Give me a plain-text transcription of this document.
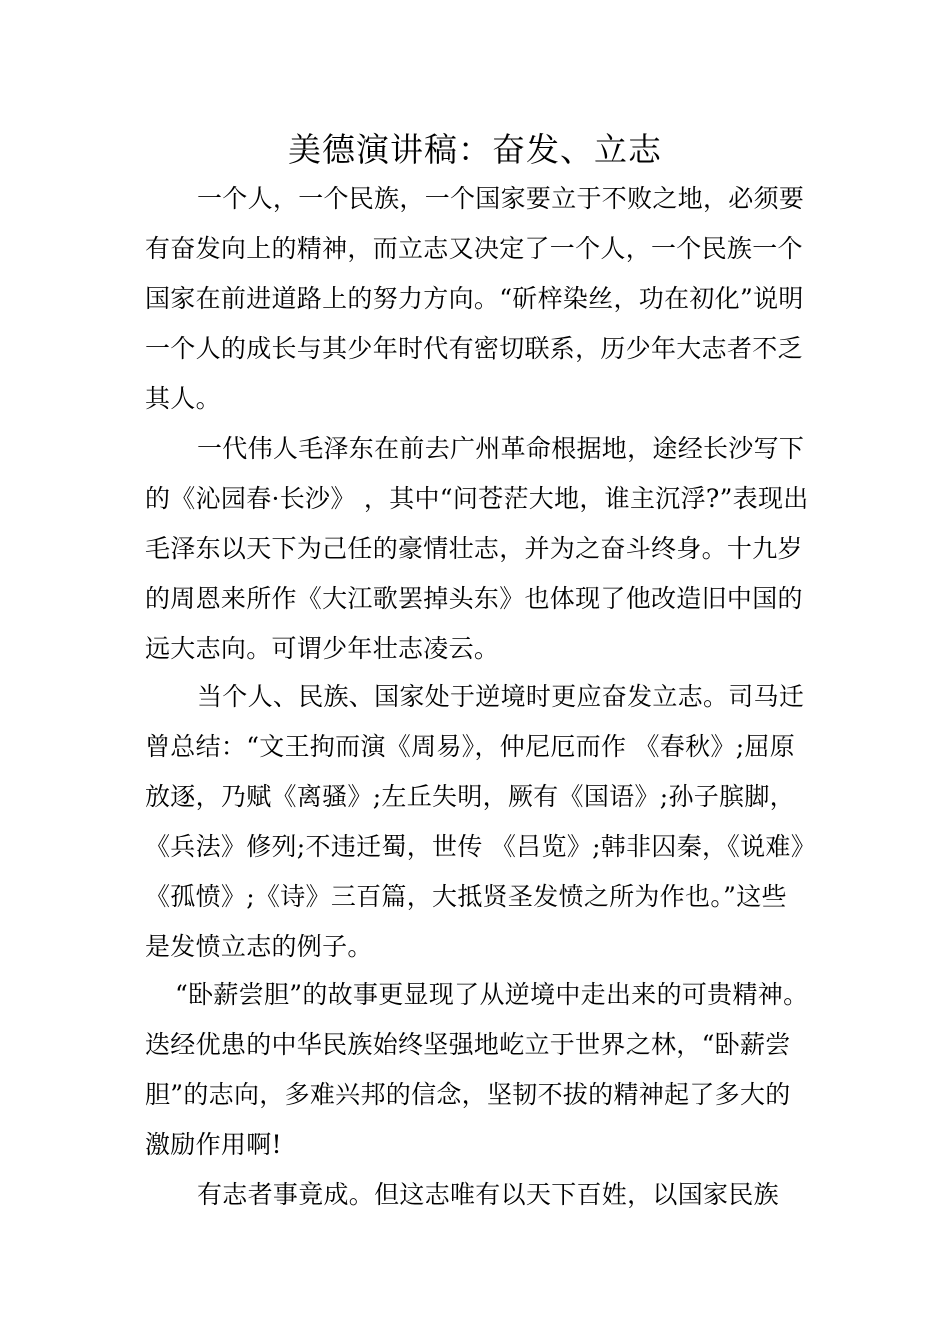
美德演讲稿：奋发、立志

一个人，一个民族，一个国家要立于不败之地，必须要有奋发向上的精神，而立志又决定了一个人，一个民族一个国家在前进道路上的努力方向。“斫梓染丝，功在初化”说明一个人的成长与其少年时代有密切联系，历少年大志者不乏其人。

一代伟人毛泽东在前去广州革命根据地，途经长沙写下的《沁园春·长沙》 ，其中“问苍茫大地，谁主沉浮?”表现出毛泽东以天下为己任的豪情壮志，并为之奋斗终身。十九岁的周恩来所作《大江歌罢掉头东》也体现了他改造旧中国的远大志向。可谓少年壮志凌云。

当个人、民族、国家处于逆境时更应奋发立志。司马迁曾总结：“文王拘而演《周易》，仲尼厄而作 《春秋》;屈原放逐，乃赋《离骚》;左丘失明，厥有《国语》;孙子膑脚，《兵法》修列;不违迁蜀，世传 《吕览》;韩非囚秦，《说难》《孤愤》;《诗》三百篇，大抵贤圣发愤之所为作也。”这些是发愤立志的例子。

“卧薪尝胆”的故事更显现了从逆境中走出来的可贵精神。迭经优患的中华民族始终坚强地屹立于世界之林，“卧薪尝胆”的志向，多难兴邦的信念，坚韧不拔的精神起了多大的激励作用啊!

有志者事竟成。但这志唯有以天下百姓，以国家民族
